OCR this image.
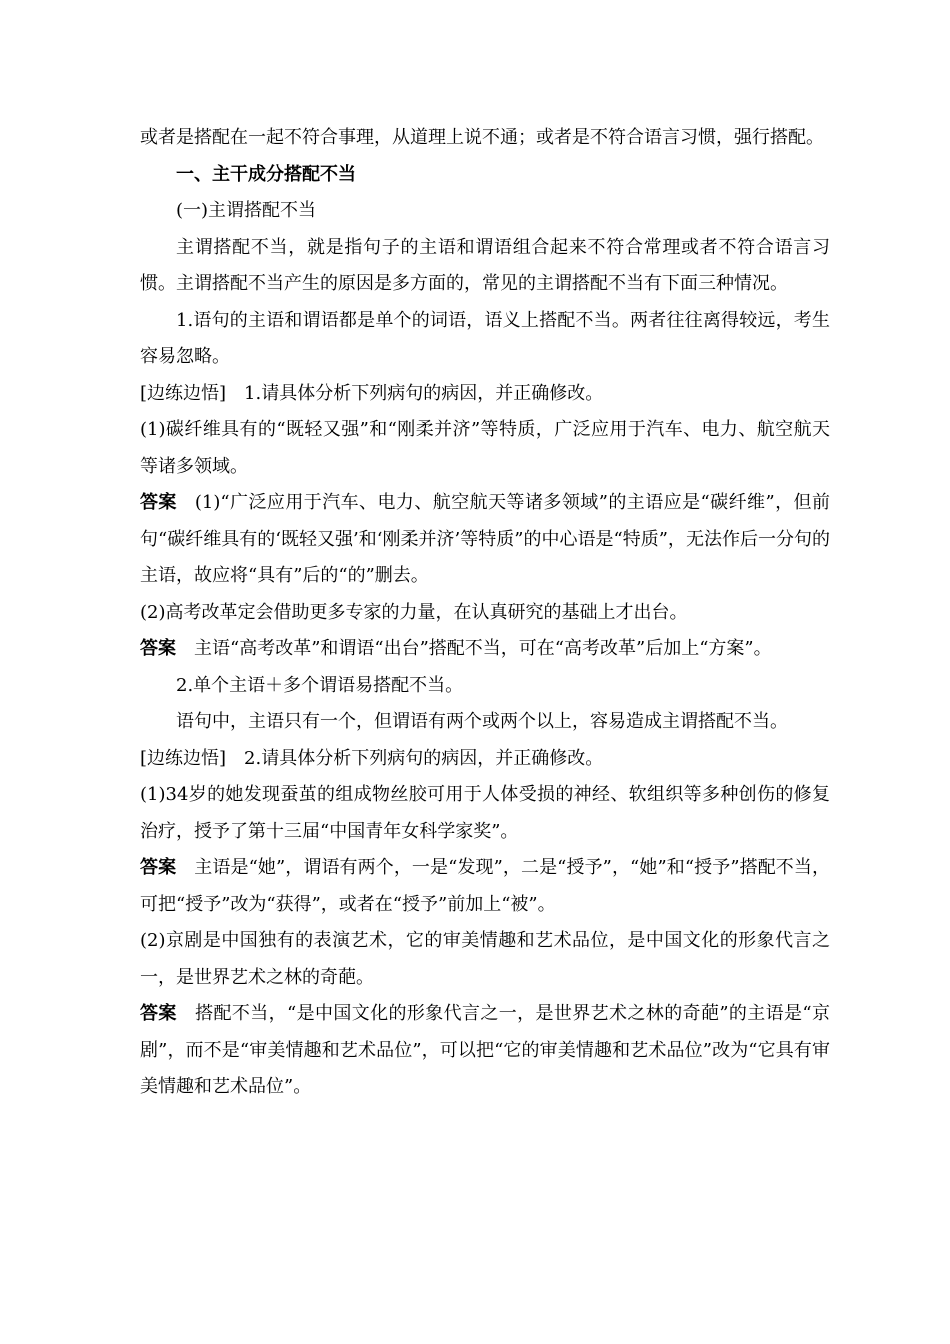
或者是搭配在一起不符合事理，从道理上说不通；或者是不符合语言习惯，强行搭配。

一、主干成分搭配不当

(一)主谓搭配不当

主谓搭配不当，就是指句子的主语和谓语组合起来不符合常理或者不符合语言习惯。主谓搭配不当产生的原因是多方面的，常见的主谓搭配不当有下面三种情况。

1.语句的主语和谓语都是单个的词语，语义上搭配不当。两者往往离得较远，考生容易忽略。

[边练边悟] 1.请具体分析下列病句的病因，并正确修改。

(1)碳纤维具有的“既轻又强”和“刚柔并济”等特质，广泛应用于汽车、电力、航空航天等诸多领域。

答案 (1)“广泛应用于汽车、电力、航空航天等诸多领域”的主语应是“碳纤维”，但前句“碳纤维具有的‘既轻又强’和‘刚柔并济’等特质”的中心语是“特质”，无法作后一分句的主语，故应将“具有”后的“的”删去。

(2)高考改革定会借助更多专家的力量，在认真研究的基础上才出台。

答案 主语“高考改革”和谓语“出台”搭配不当，可在“高考改革”后加上“方案”。

2.单个主语＋多个谓语易搭配不当。

语句中，主语只有一个，但谓语有两个或两个以上，容易造成主谓搭配不当。

[边练边悟] 2.请具体分析下列病句的病因，并正确修改。

(1)34岁的她发现蚕茧的组成物丝胶可用于人体受损的神经、软组织等多种创伤的修复治疗，授予了第十三届“中国青年女科学家奖”。

答案 主语是“她”，谓语有两个，一是“发现”，二是“授予”，“她”和“授予”搭配不当，可把“授予”改为“获得”，或者在“授予”前加上“被”。

(2)京剧是中国独有的表演艺术，它的审美情趣和艺术品位，是中国文化的形象代言之一，是世界艺术之林的奇葩。

答案 搭配不当，“是中国文化的形象代言之一，是世界艺术之林的奇葩”的主语是“京剧”，而不是“审美情趣和艺术品位”，可以把“它的审美情趣和艺术品位”改为“它具有审美情趣和艺术品位”。
